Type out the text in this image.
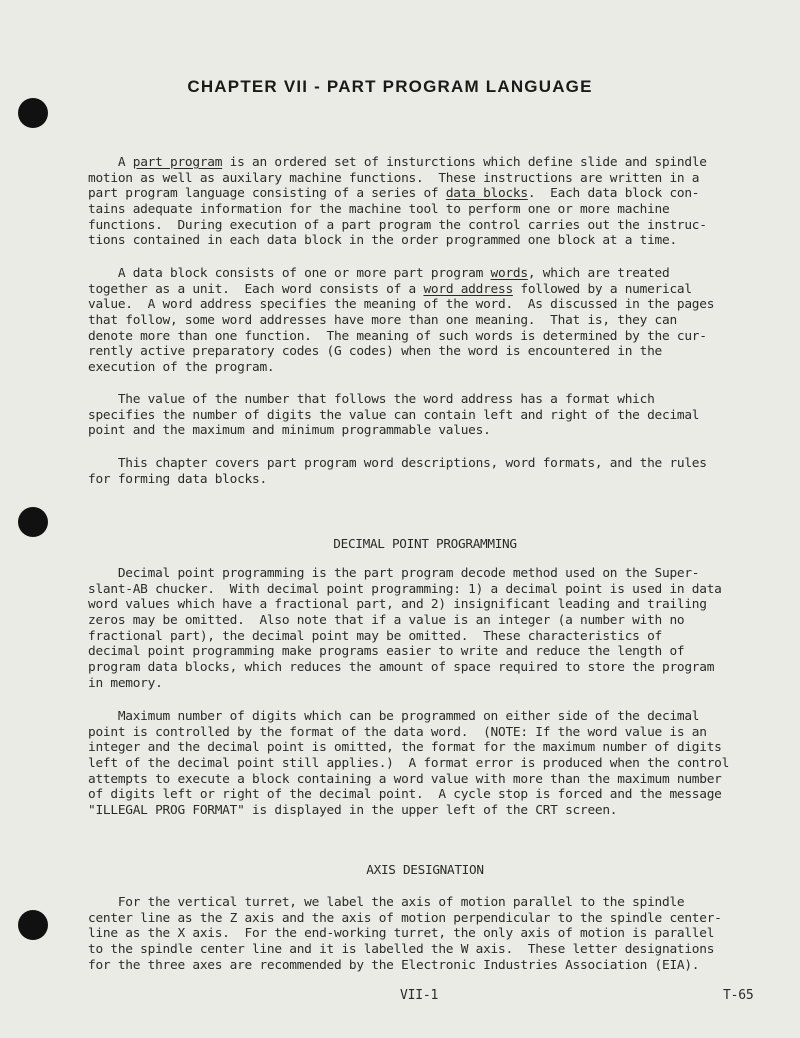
CHAPTER VII - PART PROGRAM LANGUAGE
A part program is an ordered set of insturctions which define slide and spindle
motion as well as auxilary machine functions.  These instructions are written in a
part program language consisting of a series of data blocks.  Each data block con-
tains adequate information for the machine tool to perform one or more machine
functions.  During execution of a part program the control carries out the instruc-
tions contained in each data block in the order programmed one block at a time.
A data block consists of one or more part program words, which are treated
together as a unit.  Each word consists of a word address followed by a numerical
value.  A word address specifies the meaning of the word.  As discussed in the pages
that follow, some word addresses have more than one meaning.  That is, they can
denote more than one function.  The meaning of such words is determined by the cur-
rently active preparatory codes (G codes) when the word is encountered in the
execution of the program.
The value of the number that follows the word address has a format which
specifies the number of digits the value can contain left and right of the decimal
point and the maximum and minimum programmable values.
This chapter covers part program word descriptions, word formats, and the rules
for forming data blocks.
DECIMAL POINT PROGRAMMING
Decimal point programming is the part program decode method used on the Super-
slant-AB chucker.  With decimal point programming: 1) a decimal point is used in data
word values which have a fractional part, and 2) insignificant leading and trailing
zeros may be omitted.  Also note that if a value is an integer (a number with no
fractional part), the decimal point may be omitted.  These characteristics of
decimal point programming make programs easier to write and reduce the length of
program data blocks, which reduces the amount of space required to store the program
in memory.
Maximum number of digits which can be programmed on either side of the decimal
point is controlled by the format of the data word.  (NOTE: If the word value is an
integer and the decimal point is omitted, the format for the maximum number of digits
left of the decimal point still applies.)  A format error is produced when the control
attempts to execute a block containing a word value with more than the maximum number
of digits left or right of the decimal point.  A cycle stop is forced and the message
"ILLEGAL PROG FORMAT" is displayed in the upper left of the CRT screen.
AXIS DESIGNATION
For the vertical turret, we label the axis of motion parallel to the spindle
center line as the Z axis and the axis of motion perpendicular to the spindle center-
line as the X axis.  For the end-working turret, the only axis of motion is parallel
to the spindle center line and it is labelled the W axis.  These letter designations
for the three axes are recommended by the Electronic Industries Association (EIA).
VII-1	T-65
